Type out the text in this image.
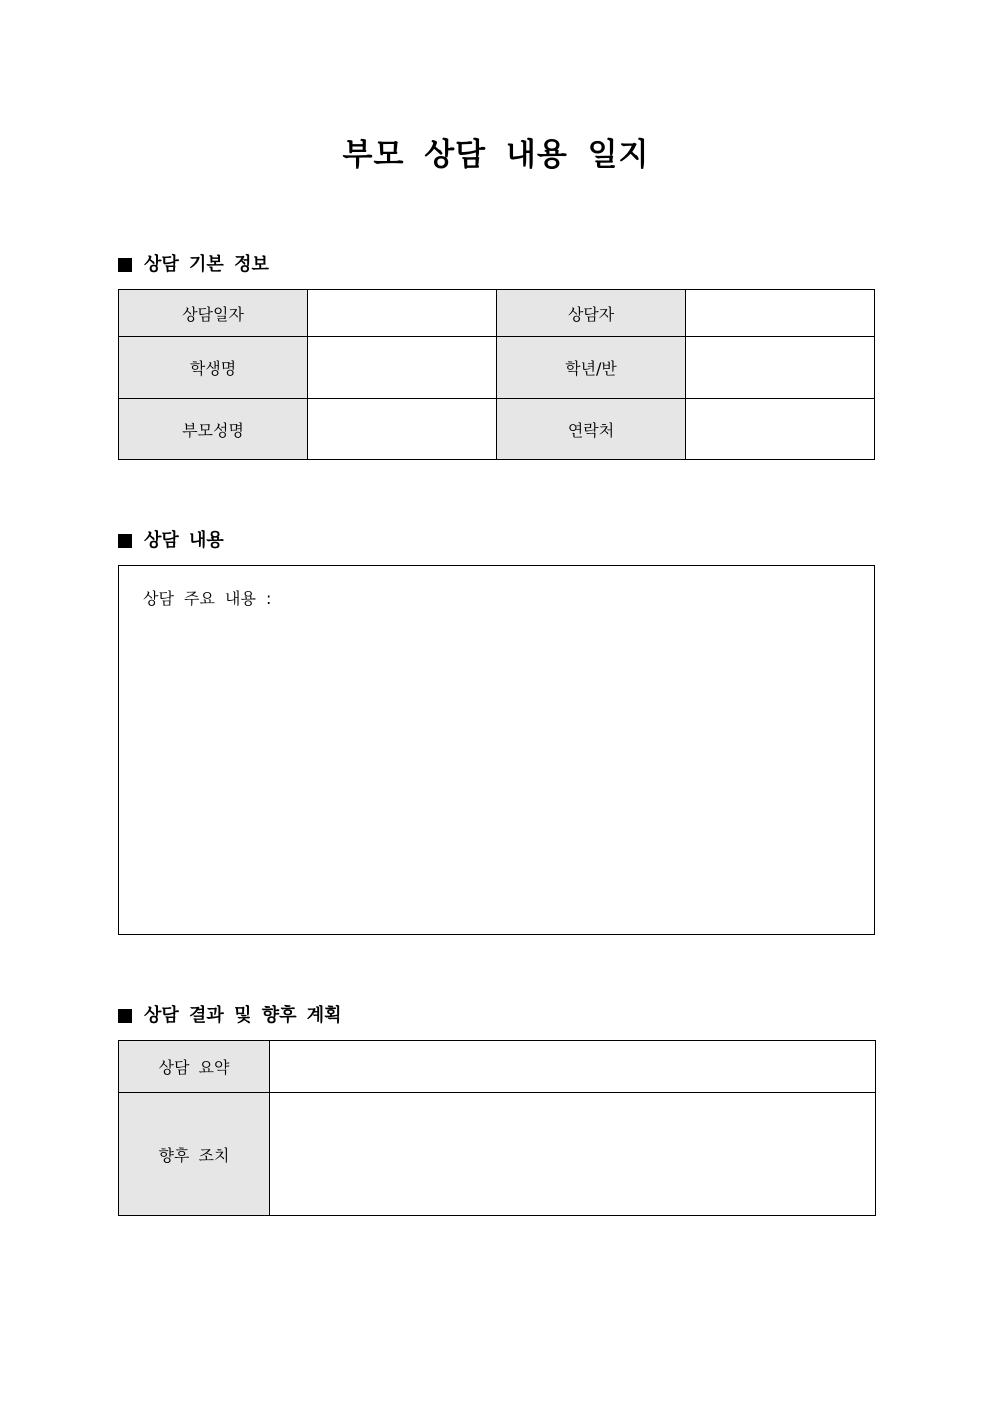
부모 상담 내용 일지
상담 기본 정보
상담일자		상담자	
학생명		학년/반	
부모성명		연락처	
상담 내용
상담 주요 내용 :
상담 결과 및 향후 계획
상담 요약	
향후 조치	
